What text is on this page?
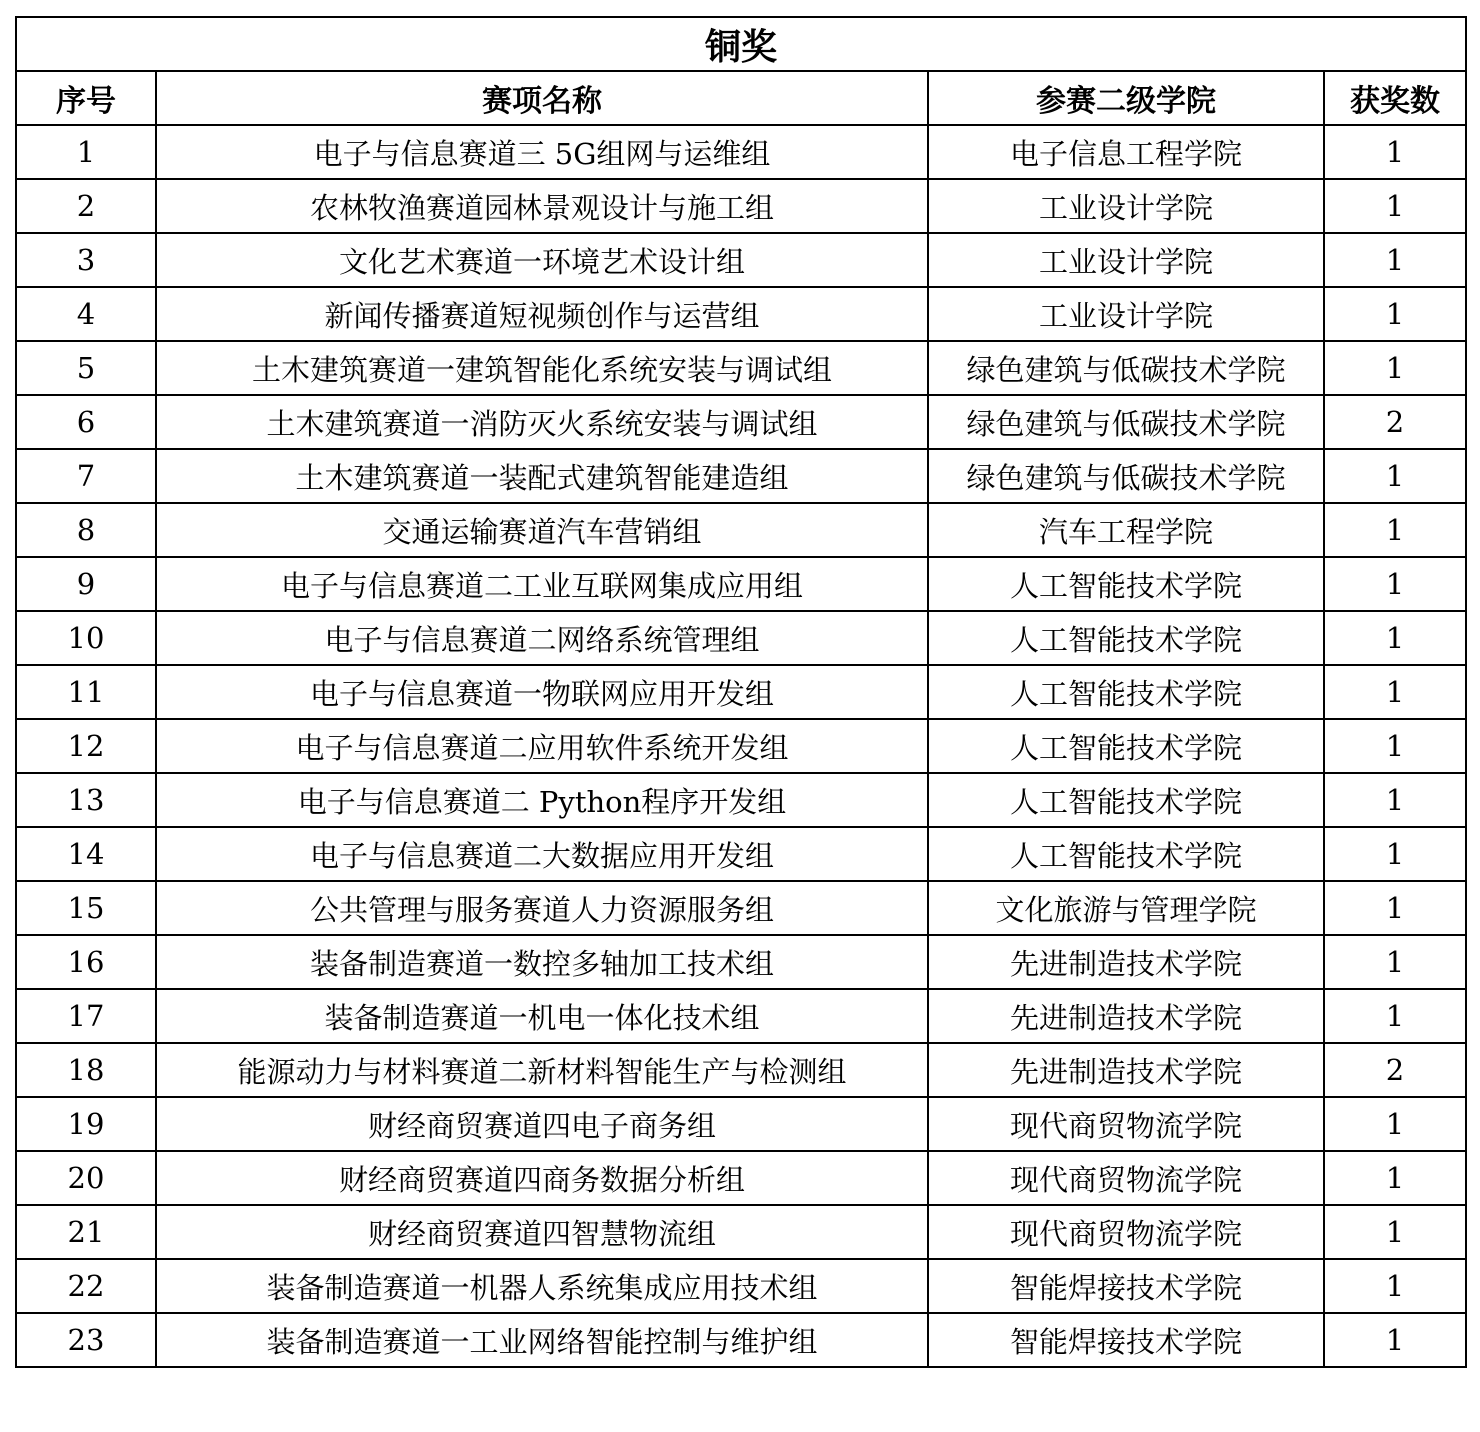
铜奖			
序号	赛项名称	参赛二级学院	获奖数
1	电子与信息赛道三 5G组网与运维组	电子信息工程学院	1
2	农林牧渔赛道园林景观设计与施工组	工业设计学院	1
3	文化艺术赛道一环境艺术设计组	工业设计学院	1
4	新闻传播赛道短视频创作与运营组	工业设计学院	1
5	土木建筑赛道一建筑智能化系统安装与调试组	绿色建筑与低碳技术学院	1
6	土木建筑赛道一消防灭火系统安装与调试组	绿色建筑与低碳技术学院	2
7	土木建筑赛道一装配式建筑智能建造组	绿色建筑与低碳技术学院	1
8	交通运输赛道汽车营销组	汽车工程学院	1
9	电子与信息赛道二工业互联网集成应用组	人工智能技术学院	1
10	电子与信息赛道二网络系统管理组	人工智能技术学院	1
11	电子与信息赛道一物联网应用开发组	人工智能技术学院	1
12	电子与信息赛道二应用软件系统开发组	人工智能技术学院	1
13	电子与信息赛道二 Python程序开发组	人工智能技术学院	1
14	电子与信息赛道二大数据应用开发组	人工智能技术学院	1
15	公共管理与服务赛道人力资源服务组	文化旅游与管理学院	1
16	装备制造赛道一数控多轴加工技术组	先进制造技术学院	1
17	装备制造赛道一机电一体化技术组	先进制造技术学院	1
18	能源动力与材料赛道二新材料智能生产与检测组	先进制造技术学院	2
19	财经商贸赛道四电子商务组	现代商贸物流学院	1
20	财经商贸赛道四商务数据分析组	现代商贸物流学院	1
21	财经商贸赛道四智慧物流组	现代商贸物流学院	1
22	装备制造赛道一机器人系统集成应用技术组	智能焊接技术学院	1
23	装备制造赛道一工业网络智能控制与维护组	智能焊接技术学院	1
